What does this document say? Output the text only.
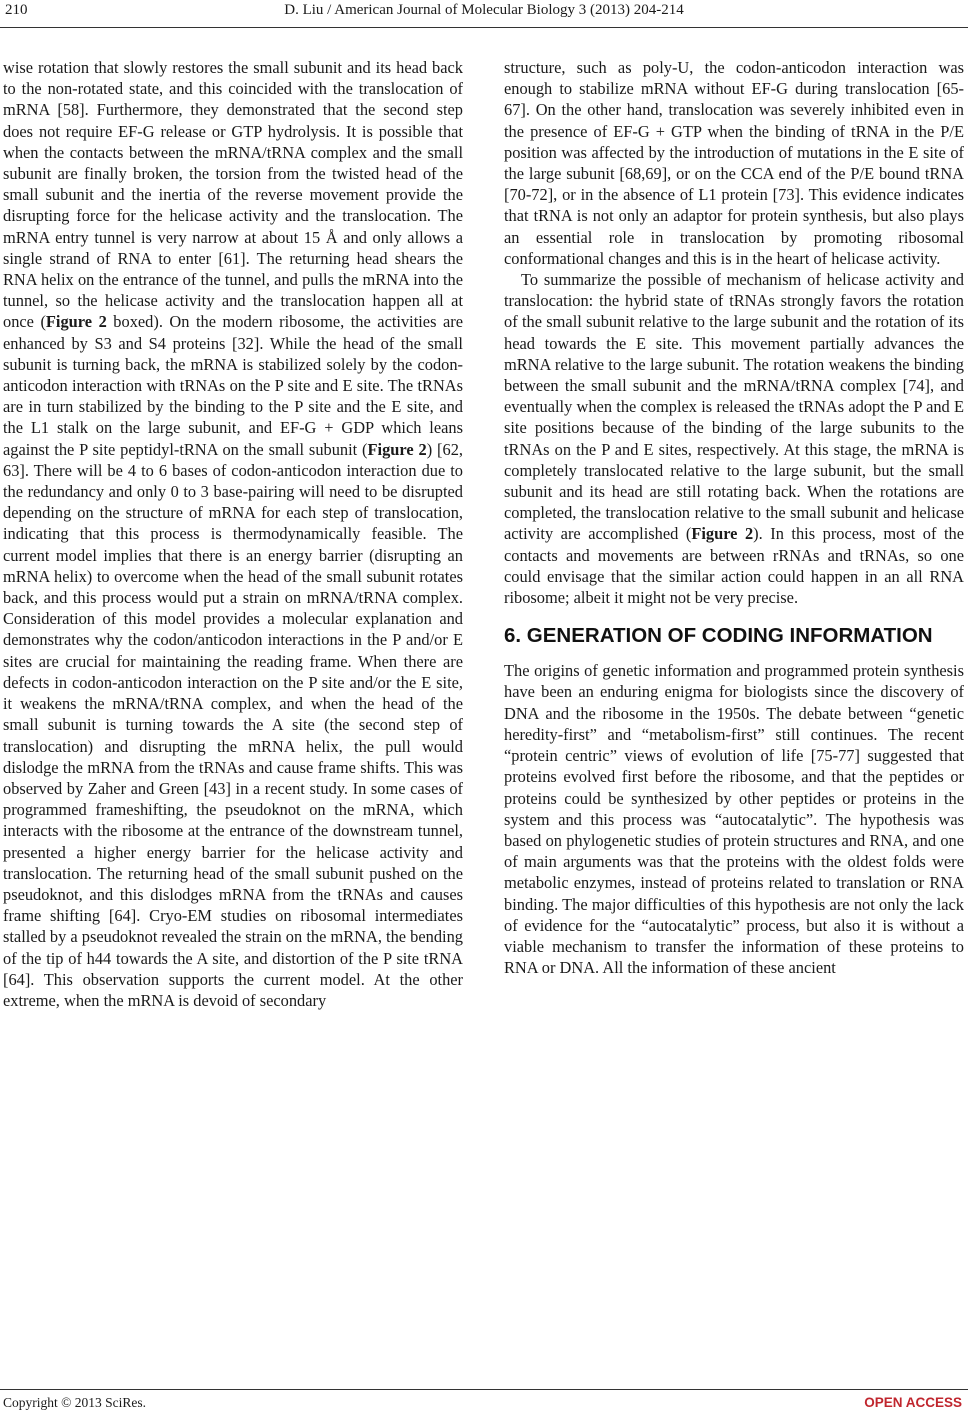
210	D. Liu / American Journal of Molecular Biology 3 (2013) 204-214

wise rotation that slowly restores the small subunit and its head back to the non-rotated state, and this coincided with the translocation of mRNA [58]. Furthermore, they demonstrated that the second step does not require EF-G release or GTP hydrolysis. It is possible that when the contacts between the mRNA/tRNA complex and the small subunit are finally broken, the torsion from the twisted head of the small subunit and the inertia of the reverse movement provide the disrupting force for the helicase activity and the translocation. The mRNA entry tunnel is very narrow at about 15 Å and only allows a single strand of RNA to enter [61]. The returning head shears the RNA helix on the entrance of the tunnel, and pulls the mRNA into the tunnel, so the helicase activity and the translocation happen all at once (Figure 2 boxed). On the modern ribosome, the activities are enhanced by S3 and S4 proteins [32]. While the head of the small subunit is turning back, the mRNA is stabilized solely by the codon-anticodon interaction with tRNAs on the P site and E site. The tRNAs are in turn stabilized by the binding to the P site and the E site, and the L1 stalk on the large subunit, and EF-G + GDP which leans against the P site peptidyl-tRNA on the small subunit (Figure 2) [62, 63]. There will be 4 to 6 bases of codon-anticodon interaction due to the redundancy and only 0 to 3 base-pairing will need to be disrupted depending on the structure of mRNA for each step of translocation, indicating that this process is thermodynamically feasible. The current model implies that there is an energy barrier (disrupting an mRNA helix) to overcome when the head of the small subunit rotates back, and this process would put a strain on mRNA/tRNA complex. Consideration of this model provides a molecular explanation and demonstrates why the codon/anticodon interactions in the P and/or E sites are crucial for maintaining the reading frame. When there are defects in codon-anticodon interaction on the P site and/or the E site, it weakens the mRNA/tRNA complex, and when the head of the small subunit is turning towards the A site (the second step of translocation) and disrupting the mRNA helix, the pull would dislodge the mRNA from the tRNAs and cause frame shifts. This was observed by Zaher and Green [43] in a recent study. In some cases of programmed frameshifting, the pseudoknot on the mRNA, which interacts with the ribosome at the entrance of the downstream tunnel, presented a higher energy barrier for the helicase activity and translocation. The returning head of the small subunit pushed on the pseudoknot, and this dislodges mRNA from the tRNAs and causes frame shifting [64]. Cryo-EM studies on ribosomal intermediates stalled by a pseudoknot revealed the strain on the mRNA, the bending of the tip of h44 towards the A site, and distortion of the P site tRNA [64]. This observation supports the current model. At the other extreme, when the mRNA is devoid of secondary

structure, such as poly-U, the codon-anticodon interaction was enough to stabilize mRNA without EF-G during translocation [65-67]. On the other hand, translocation was severely inhibited even in the presence of EF-G + GTP when the binding of tRNA in the P/E position was affected by the introduction of mutations in the E site of the large subunit [68,69], or on the CCA end of the P/E bound tRNA [70-72], or in the absence of L1 protein [73]. This evidence indicates that tRNA is not only an adaptor for protein synthesis, but also plays an essential role in translocation by promoting ribosomal conformational changes and this is in the heart of helicase activity.

To summarize the possible of mechanism of helicase activity and translocation: the hybrid state of tRNAs strongly favors the rotation of the small subunit relative to the large subunit and the rotation of its head towards the E site. This movement partially advances the mRNA relative to the large subunit. The rotation weakens the binding between the small subunit and the mRNA/tRNA complex [74], and eventually when the complex is released the tRNAs adopt the P and E site positions because of the binding of the large subunits to the tRNAs on the P and E sites, respectively. At this stage, the mRNA is completely translocated relative to the large subunit, but the small subunit and its head are still rotating back. When the rotations are completed, the translocation relative to the small subunit and helicase activity are accomplished (Figure 2). In this process, most of the contacts and movements are between rRNAs and tRNAs, so one could envisage that the similar action could happen in an all RNA ribosome; albeit it might not be very precise.

6. GENERATION OF CODING INFORMATION

The origins of genetic information and programmed protein synthesis have been an enduring enigma for biologists since the discovery of DNA and the ribosome in the 1950s. The debate between “genetic heredity-first” and “metabolism-first” still continues. The recent “protein centric” views of evolution of life [75-77] suggested that proteins evolved first before the ribosome, and that the peptides or proteins could be synthesized by other peptides or proteins in the system and this process was “autocatalytic”. The hypothesis was based on phylogenetic studies of protein structures and RNA, and one of main arguments was that the proteins with the oldest folds were metabolic enzymes, instead of proteins related to translation or RNA binding. The major difficulties of this hypothesis are not only the lack of evidence for the “autocatalytic” process, but also it is without a viable mechanism to transfer the information of these proteins to RNA or DNA. All the information of these ancient

Copyright © 2013 SciRes.	OPEN ACCESS
